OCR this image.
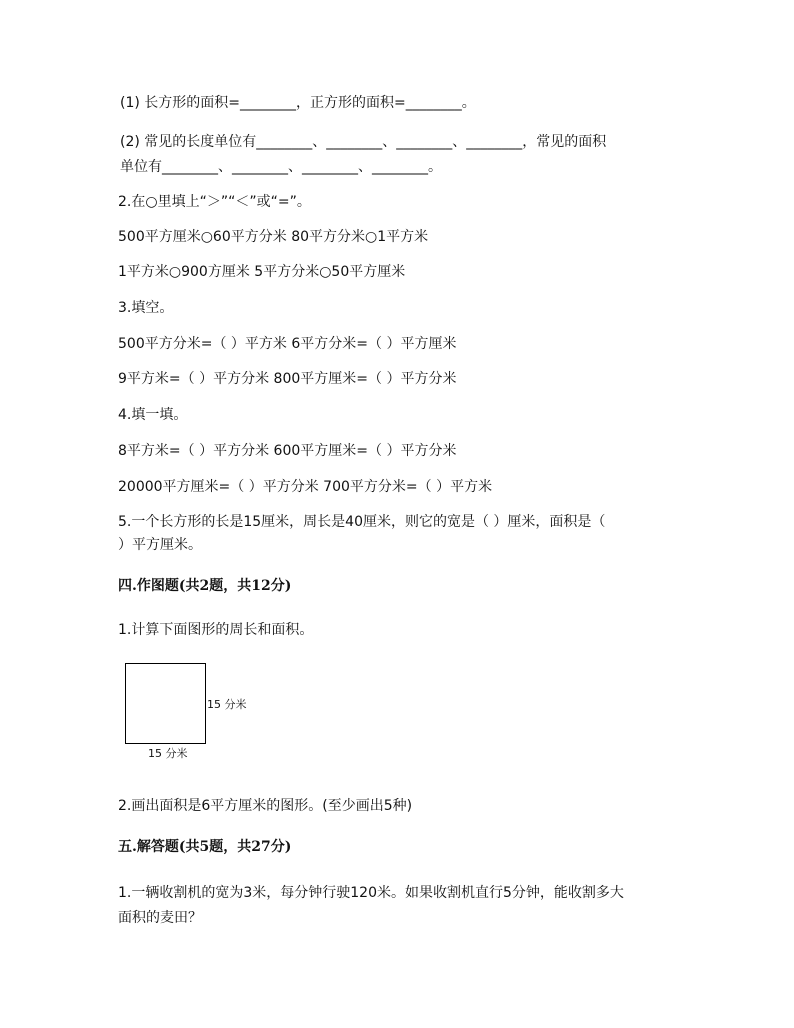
(1) 长方形的面积=________，正方形的面积=________。
(2) 常见的长度单位有________、________、________、________，常见的面积
单位有________、________、________、________。
2.在○里填上“＞”“＜”或“=”。
500平方厘米○60平方分米 80平方分米○1平方米
1平方米○900方厘米 5平方分米○50平方厘米
3.填空。
500平方分米=（ ）平方米 6平方分米=（ ）平方厘米
9平方米=（ ）平方分米 800平方厘米=（ ）平方分米
4.填一填。
8平方米=（ ）平方分米 600平方厘米=（ ）平方分米
20000平方厘米=（ ）平方分米 700平方分米=（ ）平方米
5.一个长方形的长是15厘米，周长是40厘米，则它的宽是（ ）厘米，面积是（
）平方厘米。
四.作图题(共2题，共12分)
1.计算下面图形的周长和面积。
15 分米
15 分米
2.画出面积是6平方厘米的图形。(至少画出5种)
五.解答题(共5题，共27分)
1.一辆收割机的宽为3米，每分钟行驶120米。如果收割机直行5分钟，能收割多大
面积的麦田？
